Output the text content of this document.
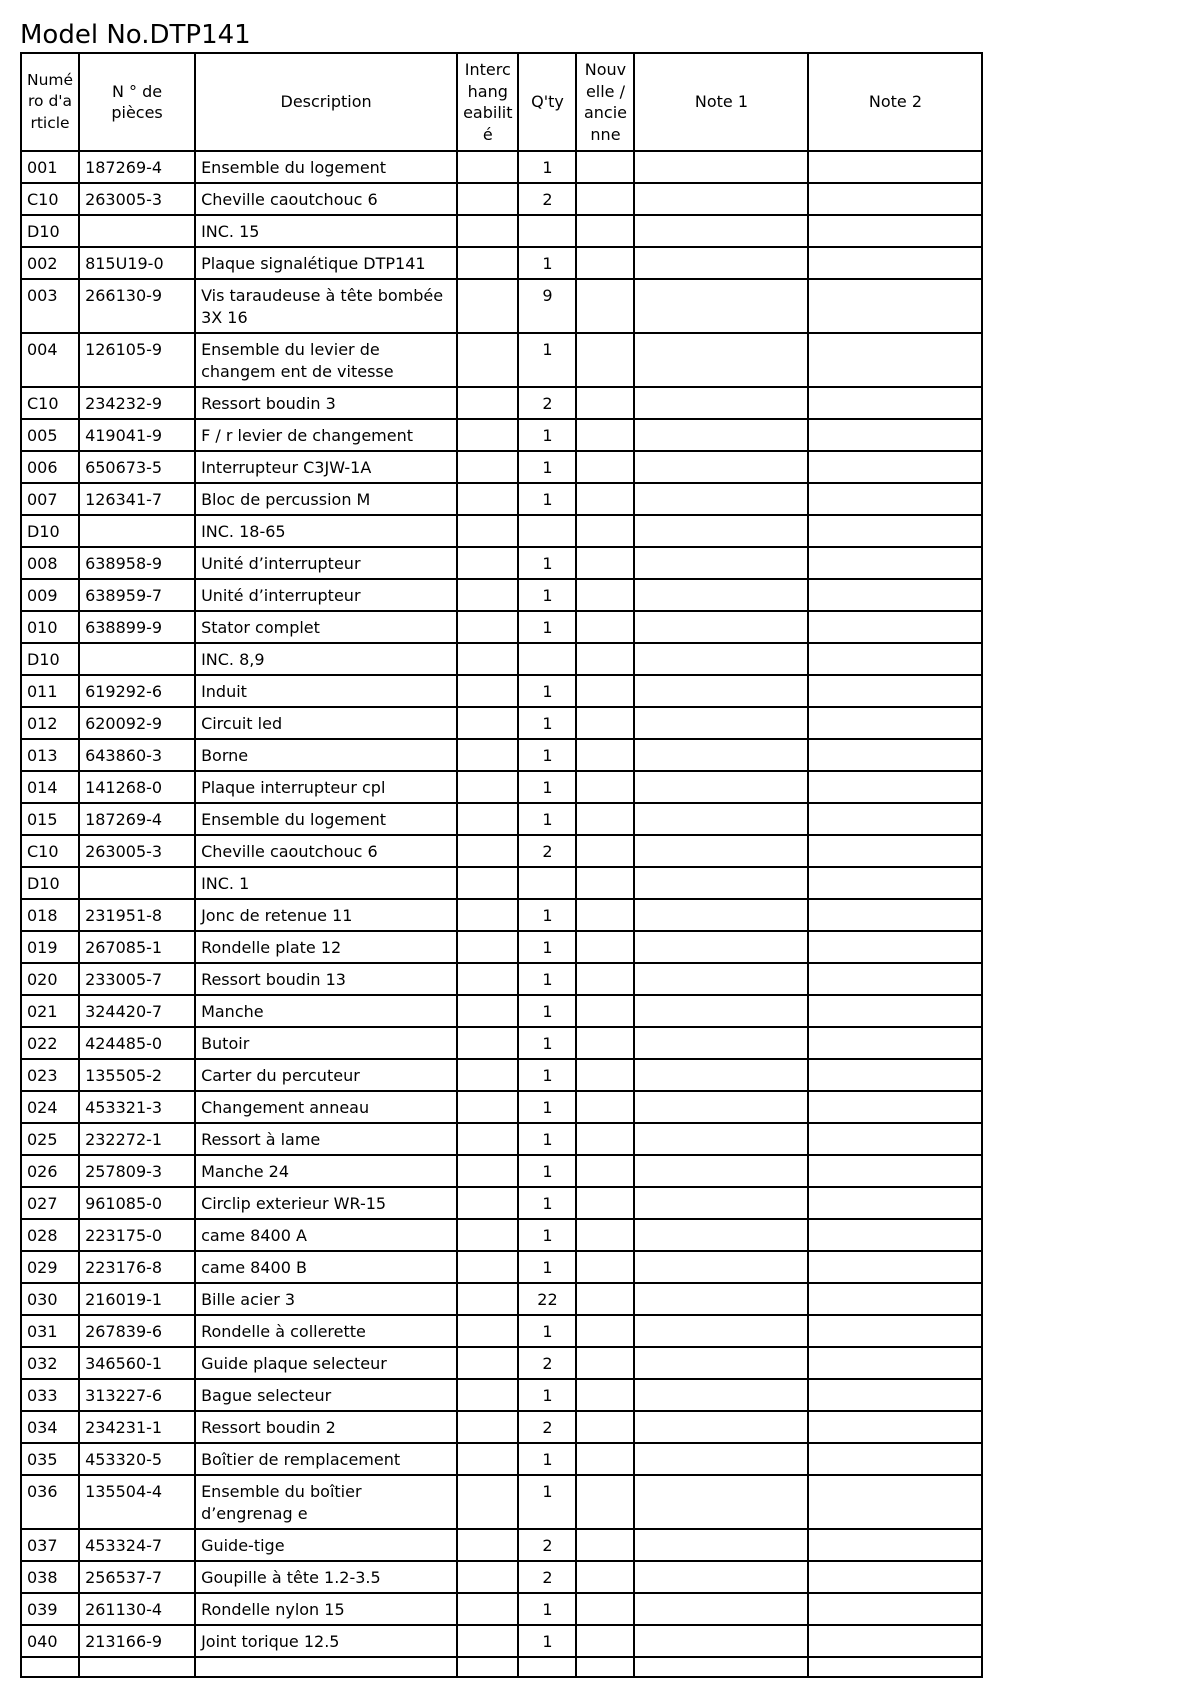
Model No.DTP141
Numé ro d'a rticle	N ° de pièces	Description	Interc hang eabilit é	Q'ty	Nouv elle / ancie nne	Note 1	Note 2
001	187269-4	Ensemble du logement		1			
C10	263005-3	Cheville caoutchouc 6		2			
D10		INC. 15					
002	815U19-0	Plaque signalétique DTP141		1			
003	266130-9	Vis taraudeuse à tête bombée 3X 16		9			
004	126105-9	Ensemble du levier de changem ent de vitesse		1			
C10	234232-9	Ressort boudin 3		2			
005	419041-9	F / r levier de changement		1			
006	650673-5	Interrupteur C3JW-1A		1			
007	126341-7	Bloc de percussion M		1			
D10		INC. 18-65					
008	638958-9	Unité d’interrupteur		1			
009	638959-7	Unité d’interrupteur		1			
010	638899-9	Stator complet		1			
D10		INC. 8,9					
011	619292-6	Induit		1			
012	620092-9	Circuit led		1			
013	643860-3	Borne		1			
014	141268-0	Plaque interrupteur cpl		1			
015	187269-4	Ensemble du logement		1			
C10	263005-3	Cheville caoutchouc 6		2			
D10		INC. 1					
018	231951-8	Jonc de retenue 11		1			
019	267085-1	Rondelle plate 12		1			
020	233005-7	Ressort boudin 13		1			
021	324420-7	Manche		1			
022	424485-0	Butoir		1			
023	135505-2	Carter du percuteur		1			
024	453321-3	Changement anneau		1			
025	232272-1	Ressort à lame		1			
026	257809-3	Manche 24		1			
027	961085-0	Circlip exterieur WR-15		1			
028	223175-0	came 8400 A		1			
029	223176-8	came 8400 B		1			
030	216019-1	Bille acier 3		22			
031	267839-6	Rondelle à collerette		1			
032	346560-1	Guide plaque selecteur		2			
033	313227-6	Bague selecteur		1			
034	234231-1	Ressort boudin 2		2			
035	453320-5	Boîtier de remplacement		1			
036	135504-4	Ensemble du boîtier d’engrenag e		1			
037	453324-7	Guide-tige		2			
038	256537-7	Goupille à tête 1.2-3.5		2			
039	261130-4	Rondelle nylon 15		1			
040	213166-9	Joint torique 12.5		1			
